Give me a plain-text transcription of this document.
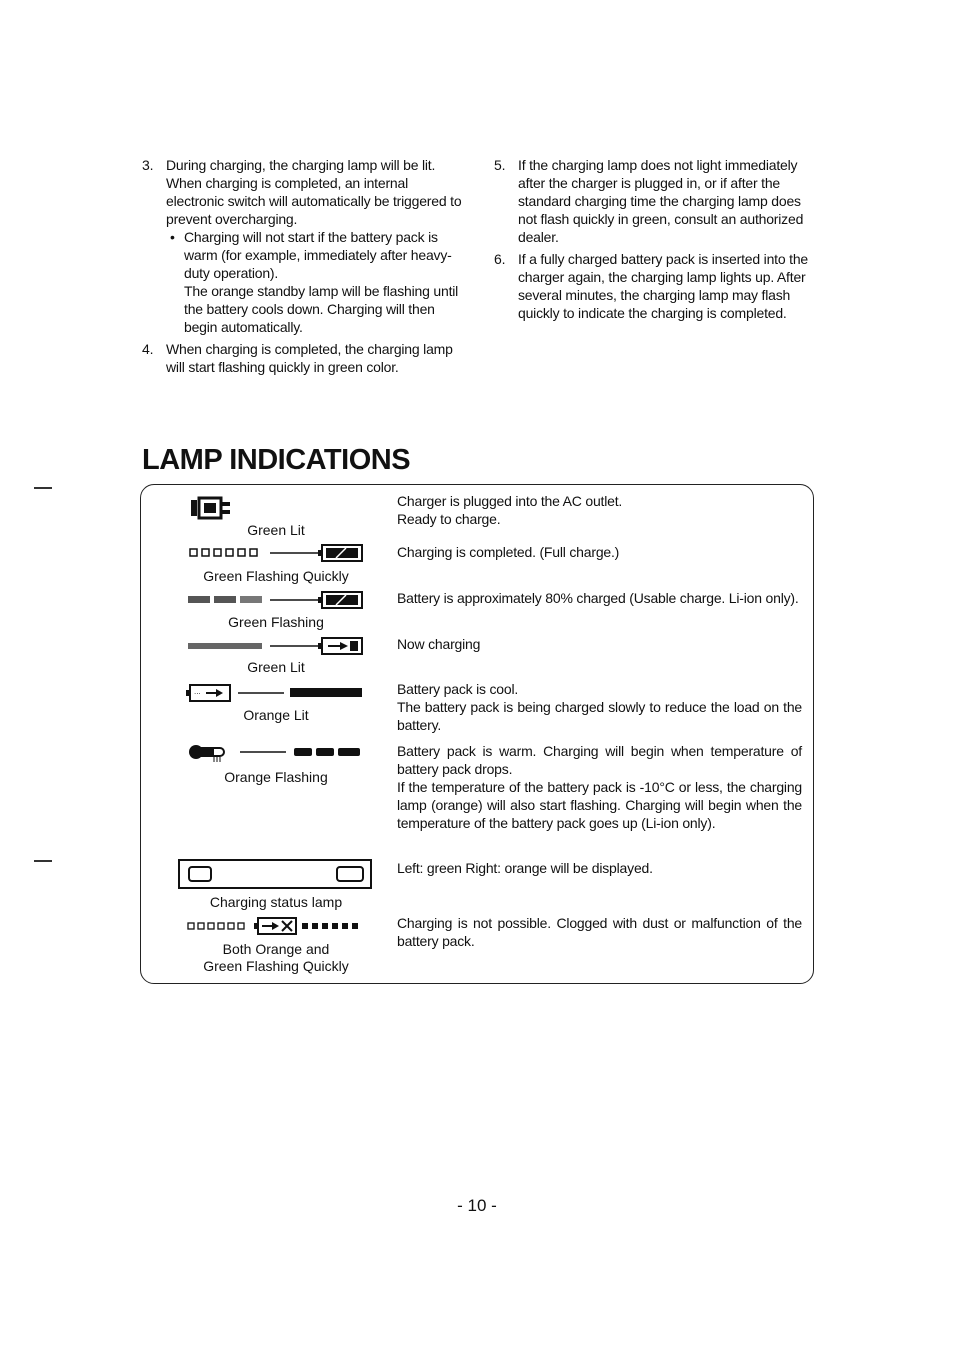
3. During charging, the charging lamp will be lit.

When charging is completed, an internal electronic switch will automatically be triggered to prevent overcharging.

• Charging will not start if the battery pack is warm (for example, immediately after heavy-duty operation).

The orange standby lamp will be flashing until the battery cools down. Charging will then begin automatically.

4. When charging is completed, the charging lamp will start flashing quickly in green color.

5. If the charging lamp does not light immediately after the charger is plugged in, or if after the standard charging time the charging lamp does not flash quickly in green, consult an authorized dealer.

6. If a fully charged battery pack is inserted into the charger again, the charging lamp lights up. After several minutes, the charging lamp may flash quickly to indicate the charging is completed.

LAMP INDICATIONS
Green Lit

Charger is plugged into the AC outlet.

Ready to charge.

Green Flashing Quickly

Charging is completed. (Full charge.)

Green Flashing

Battery is approximately 80% charged (Usable charge. Li-ion only).

Green Lit

Now charging

···
Orange Lit

Battery pack is cool.

The battery pack is being charged slowly to reduce the load on the battery.

Orange Flashing

Battery pack is warm. Charging will begin when temperature of battery pack drops.

If the temperature of the battery pack is -10°C or less, the charging lamp (orange) will also start flashing. Charging will begin when the temperature of the battery pack goes up (Li-ion only).

Charging status lamp

Left: green Right: orange will be displayed.

Both Orange and
Green Flashing Quickly

Charging is not possible. Clogged with dust or malfunction of the battery pack.

- 10 -
